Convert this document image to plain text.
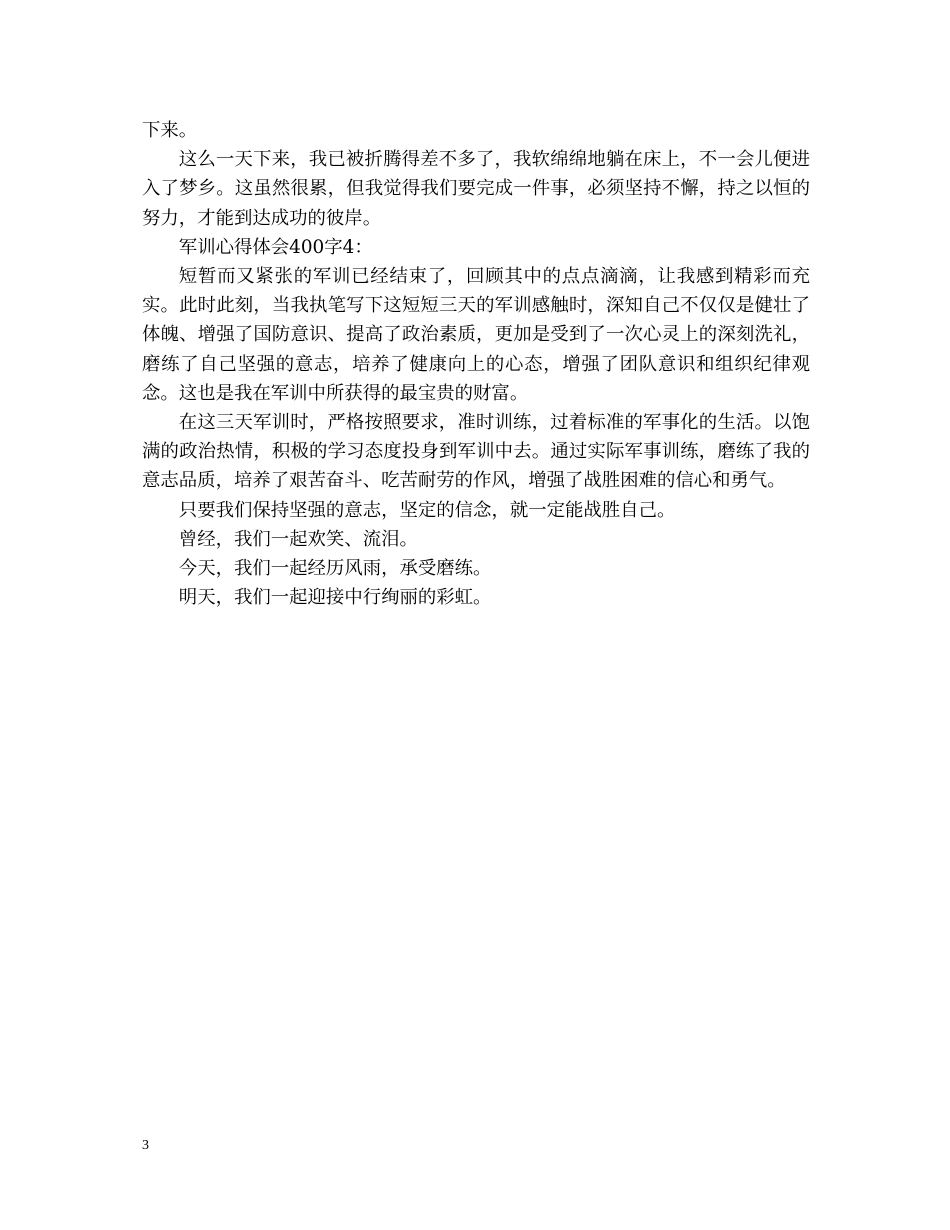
下来。

这么一天下来，我已被折腾得差不多了，我软绵绵地躺在床上，不一会儿便进入了梦乡。这虽然很累，但我觉得我们要完成一件事，必须坚持不懈，持之以恒的努力，才能到达成功的彼岸。

军训心得体会400字4：

短暂而又紧张的军训已经结束了，回顾其中的点点滴滴，让我感到精彩而充实。此时此刻，当我执笔写下这短短三天的军训感触时，深知自己不仅仅是健壮了体魄、增强了国防意识、提高了政治素质，更加是受到了一次心灵上的深刻洗礼，磨练了自己坚强的意志，培养了健康向上的心态，增强了团队意识和组织纪律观念。这也是我在军训中所获得的最宝贵的财富。

在这三天军训时，严格按照要求，准时训练，过着标准的军事化的生活。以饱满的政治热情，积极的学习态度投身到军训中去。通过实际军事训练，磨练了我的意志品质，培养了艰苦奋斗、吃苦耐劳的作风，增强了战胜困难的信心和勇气。

只要我们保持坚强的意志，坚定的信念，就一定能战胜自己。

曾经，我们一起欢笑、流泪。

今天，我们一起经历风雨，承受磨练。

明天，我们一起迎接中行绚丽的彩虹。

3
